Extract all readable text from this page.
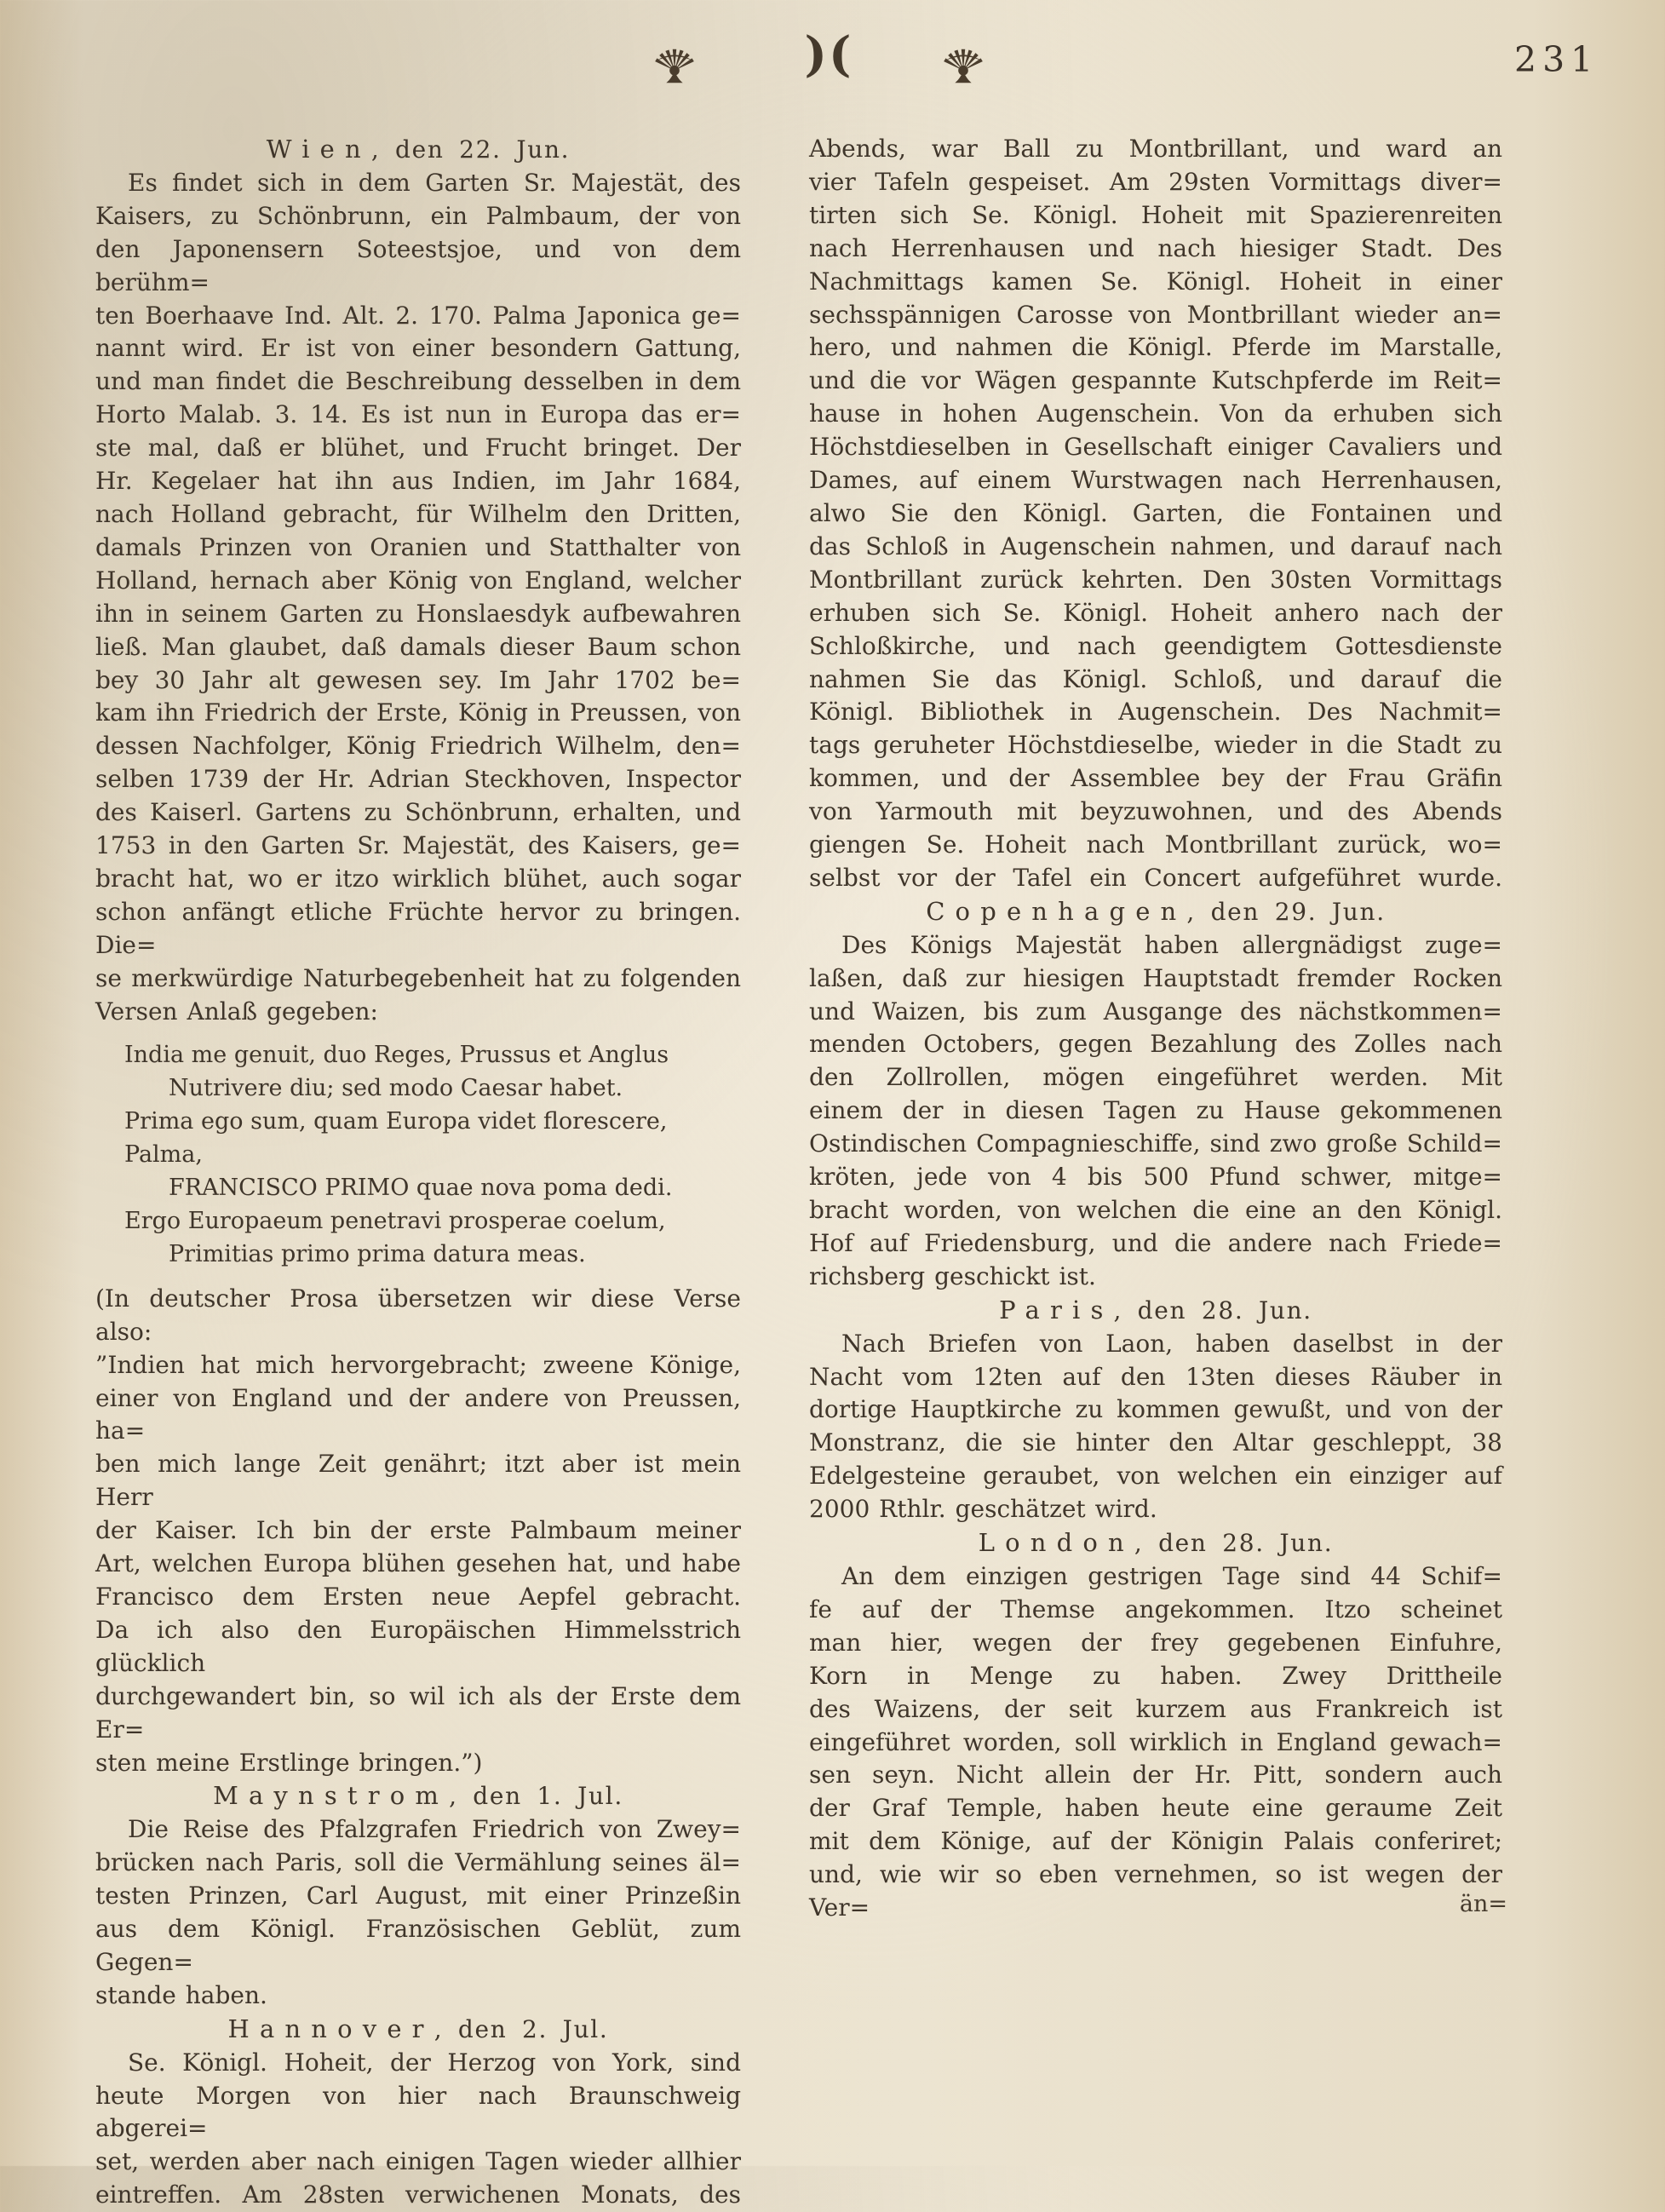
)(	231
Wien, den 22. Jun.
Es findet sich in dem Garten Sr. Majestät, des
Kaisers, zu Schönbrunn, ein Palmbaum, der von
den Japonensern Soteestsjoe, und von dem berühm=
ten Boerhaave Ind. Alt. 2. 170. Palma Japonica ge=
nannt wird. Er ist von einer besondern Gattung,
und man findet die Beschreibung desselben in dem
Horto Malab. 3. 14. Es ist nun in Europa das er=
ste mal, daß er blühet, und Frucht bringet. Der
Hr. Kegelaer hat ihn aus Indien, im Jahr 1684,
nach Holland gebracht, für Wilhelm den Dritten,
damals Prinzen von Oranien und Statthalter von
Holland, hernach aber König von England, welcher
ihn in seinem Garten zu Honslaesdyk aufbewahren
ließ. Man glaubet, daß damals dieser Baum schon
bey 30 Jahr alt gewesen sey. Im Jahr 1702 be=
kam ihn Friedrich der Erste, König in Preussen, von
dessen Nachfolger, König Friedrich Wilhelm, den=
selben 1739 der Hr. Adrian Steckhoven, Inspector
des Kaiserl. Gartens zu Schönbrunn, erhalten, und
1753 in den Garten Sr. Majestät, des Kaisers, ge=
bracht hat, wo er itzo wirklich blühet, auch sogar
schon anfängt etliche Früchte hervor zu bringen. Die=
se merkwürdige Naturbegebenheit hat zu folgenden
Versen Anlaß gegeben:
India me genuit, duo Reges, Prussus et Anglus
Nutrivere diu; sed modo Caesar habet.
Prima ego sum, quam Europa videt florescere, Palma,
FRANCISCO PRIMO quae nova poma dedi.
Ergo Europaeum penetravi prosperae coelum,
Primitias primo prima datura meas.
(In deutscher Prosa übersetzen wir diese Verse also:
”Indien hat mich hervorgebracht; zweene Könige,
einer von England und der andere von Preussen, ha=
ben mich lange Zeit genährt; itzt aber ist mein Herr
der Kaiser. Ich bin der erste Palmbaum meiner
Art, welchen Europa blühen gesehen hat, und habe
Francisco dem Ersten neue Aepfel gebracht.
Da ich also den Europäischen Himmelsstrich glücklich
durchgewandert bin, so wil ich als der Erste dem Er=
sten meine Erstlinge bringen.”)
Maynstrom, den 1. Jul.
Die Reise des Pfalzgrafen Friedrich von Zwey=
brücken nach Paris, soll die Vermählung seines äl=
testen Prinzen, Carl August, mit einer Prinzeßin
aus dem Königl. Französischen Geblüt, zum Gegen=
stande haben.
Hannover, den 2. Jul.
Se. Königl. Hoheit, der Herzog von York, sind
heute Morgen von hier nach Braunschweig abgerei=
set, werden aber nach einigen Tagen wieder allhier
eintreffen. Am 28sten verwichenen Monats, des
Abends, war Ball zu Montbrillant, und ward an
vier Tafeln gespeiset. Am 29sten Vormittags diver=
tirten sich Se. Königl. Hoheit mit Spazierenreiten
nach Herrenhausen und nach hiesiger Stadt. Des
Nachmittags kamen Se. Königl. Hoheit in einer
sechsspännigen Carosse von Montbrillant wieder an=
hero, und nahmen die Königl. Pferde im Marstalle,
und die vor Wägen gespannte Kutschpferde im Reit=
hause in hohen Augenschein. Von da erhuben sich
Höchstdieselben in Gesellschaft einiger Cavaliers und
Dames, auf einem Wurstwagen nach Herrenhausen,
alwo Sie den Königl. Garten, die Fontainen und
das Schloß in Augenschein nahmen, und darauf nach
Montbrillant zurück kehrten. Den 30sten Vormittags
erhuben sich Se. Königl. Hoheit anhero nach der
Schloßkirche, und nach geendigtem Gottesdienste
nahmen Sie das Königl. Schloß, und darauf die
Königl. Bibliothek in Augenschein. Des Nachmit=
tags geruheter Höchstdieselbe, wieder in die Stadt zu
kommen, und der Assemblee bey der Frau Gräfin
von Yarmouth mit beyzuwohnen, und des Abends
giengen Se. Hoheit nach Montbrillant zurück, wo=
selbst vor der Tafel ein Concert aufgeführet wurde.
Copenhagen, den 29. Jun.
Des Königs Majestät haben allergnädigst zuge=
laßen, daß zur hiesigen Hauptstadt fremder Rocken
und Waizen, bis zum Ausgange des nächstkommen=
menden Octobers, gegen Bezahlung des Zolles nach
den Zollrollen, mögen eingeführet werden. Mit
einem der in diesen Tagen zu Hause gekommenen
Ostindischen Compagnieschiffe, sind zwo große Schild=
kröten, jede von 4 bis 500 Pfund schwer, mitge=
bracht worden, von welchen die eine an den Königl.
Hof auf Friedensburg, und die andere nach Friede=
richsberg geschickt ist.
Paris, den 28. Jun.
Nach Briefen von Laon, haben daselbst in der
Nacht vom 12ten auf den 13ten dieses Räuber in
dortige Hauptkirche zu kommen gewußt, und von der
Monstranz, die sie hinter den Altar geschleppt, 38
Edelgesteine geraubet, von welchen ein einziger auf
2000 Rthlr. geschätzet wird.
London, den 28. Jun.
An dem einzigen gestrigen Tage sind 44 Schif=
fe auf der Themse angekommen. Itzo scheinet
man hier, wegen der frey gegebenen Einfuhre,
Korn in Menge zu haben. Zwey Drittheile
des Waizens, der seit kurzem aus Frankreich ist
eingeführet worden, soll wirklich in England gewach=
sen seyn. Nicht allein der Hr. Pitt, sondern auch
der Graf Temple, haben heute eine geraume Zeit
mit dem Könige, auf der Königin Palais conferiret;
und, wie wir so eben vernehmen, so ist wegen der Ver=	än=
